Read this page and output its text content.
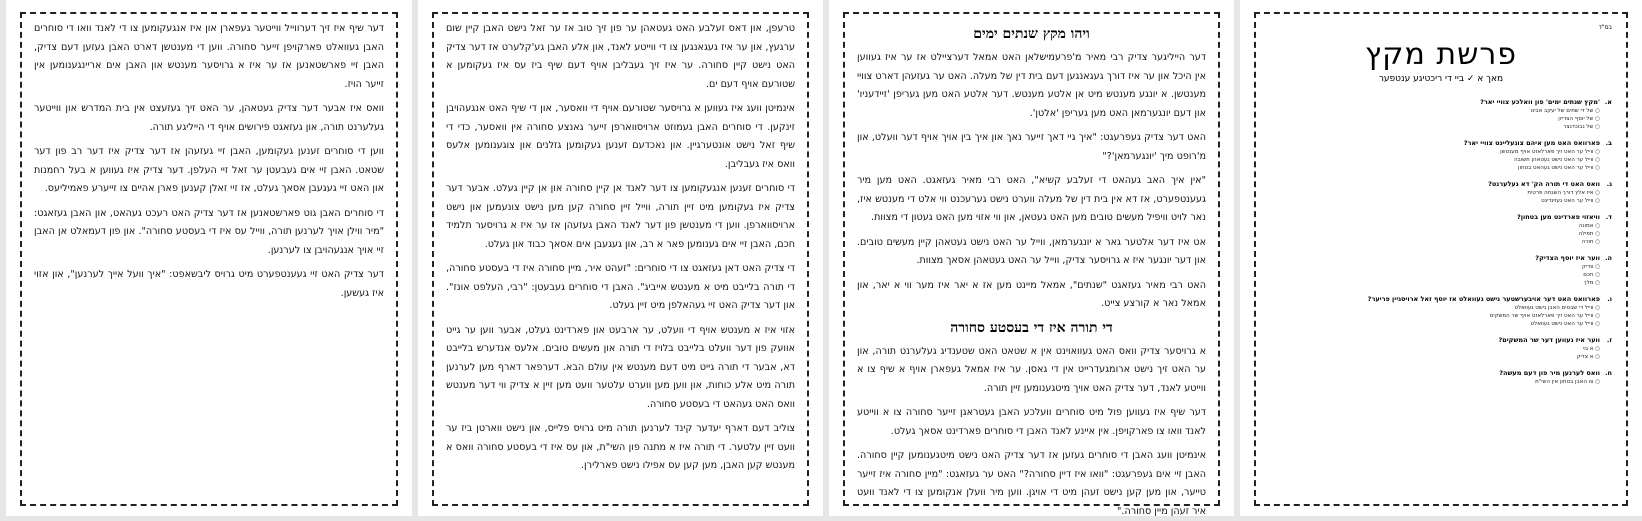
בס"ד
פרשת מקץ
מאך א ✓ ביי די ריכטיגע ענטפער
א.'מקץ שנתים ימים' פון וואלכע צוויי יאר?
○ של די שתים של יעקב אבינו
○ של יוסף הצדיק
○ של נבוכדנצר
ב.פארוואס האט מען איהם צוגעלייגט צוויי יאר?
○ ווייל ער האט זיך פארלאזט אויף מענטשן
○ ווייל ער האט נישט געטאהן תשובה
○ ווייל ער האט נישט געהאט בטחון
ג.וואס האט די תורה הק' דא געלערנט?
○ איז אלץ דורך השגחה פרטית
○ ווייל ער האט געזינדיגט
ד.וויאזוי פארדינט מען בטחון?
○ אמונה
○ תפילה
○ תורה
ה.ווער איז יוסף הצדיק?
○ צדיק
○ חכם
○ מלך
ו.פארוואס האט דער אויבערשטער נישט געוואלט אז יוסף זאל ארויסגיין פריער?
○ ווייל די שבטים האבן נישט געוואלט
○ ווייל ער האט זיך פארלאזט אויף שר המשקים
○ ווייל ער האט נישט געוואלט
ז.ווער איז געווען דער שר המשקים?
○ א גוי
○ א צדיק
ח.וואס לערנען מיר פון דעם מעשה?
○ צו האבן בטחון אין השי"ת
ויהו מקץ שנתים ימים

דער הייליגער צדיק רבי מאיר מ'פרעמישלאן האט אמאל דערציילט אז ער איז געווען אין היכל און ער איז דורך געגאנגען דעם בית דין של מעלה. האט ער געזעהן דארט צוויי מענטשן. א יונגע מענטש מיט אן אלטע מענטש. דער אלטע האט מען געריפן 'זיידעניו' און דעם יונגערמאן האט מען געריפן 'אלטן'.

האט דער צדיק געפרעגט: "איך גיי דאך זייער נאך און איך בין אויך אויף דער וועלט, און מ'רופט מיך 'יונגערמאן'?"

"אין איך האב געהאט די זעלבע קשיא", האט רבי מאיר געזאגט. האט מען מיר געענטפערט, אז דא אין בית דין של מעלה ווערט נישט גערעכנט ווי אלט די מענטש איז, נאר לויט וויפיל מעשים טובים מען האט געטאן, און ווי אזוי מען האט געטון די מצוות.

אט איז דער אלטער גאר א יונגערמאן, ווייל ער האט נישט געטאהן קיין מעשים טובים. און דער יונגער איז א גרויסער צדיק, ווייל ער האט געטאהן אסאך מצוות.

האט רבי מאיר געזאגט "שנתים", אמאל מיינט מען אז א יאר איז מער ווי א יאר, און אמאל נאר א קורצע צייט.

די תורה איז די בעסטע סחורה

א גרויסער צדיק וואס האט געוואוינט אין א שטאט האט שטענדיג געלערנט תורה, און ער האט זיך נישט ארומגעדרייט אין די גאסן. ער איז אמאל געפארן אויף א שיף צו א ווייטע לאנד, דער צדיק האט אויך מיטגענומען זיין תורה.

דער שיף איז געווען פול מיט סוחרים וועלכע האבן געטראגן זייער סחורה צו א ווייטע לאנד וואו צו פארקויפן. אין איינע לאנד האבן די סוחרים פארדינט אסאך געלט.

אינמיטן וועג האבן די סוחרים געזען אז דער צדיק האט נישט מיטגענומען קיין סחורה. האבן זיי אים געפרעגט: "וואו איז דיין סחורה?" האט ער געזאגט: "מיין סחורה איז זייער טייער, און מען קען נישט זעהן מיט די אויגן. ווען מיר וועלן אנקומען צו די לאנד וועט איר זעהן מיין סחורה."

טרעפן, און דאס זעלבע האט געטאהן ער פון זיך טוב אז ער זאל נישט האבן קיין שום ערגעץ, און ער איז געגאנגען צו די ווייטע לאנד, און אלע האבן גע'קלערט אז דער צדיק האט נישט קיין סחורה. ער איז זיך געבליבן אויף דעם שיף ביז עס איז געקומען א שטורעם אויף דעם ים.

אינמיטן וועג איז געווען א גרויסער שטורעם אויף די וואסער, און די שיף האט אנגעהויבן זינקען. די סוחרים האבן געמוזט ארויסווארפן זייער גאנצע סחורה אין וואסער, כדי די שיף זאל נישט אונטערגיין. און נאכדעם זענען געקומען גזלנים און צוגענומען אלעס וואס איז געבליבן.

די סוחרים זענען אנגעקומען צו דער לאנד אן קיין סחורה און אן קיין געלט. אבער דער צדיק איז געקומען מיט זיין תורה, ווייל זיין סחורה קען מען נישט צונעמען און נישט ארויסווארפן. ווען די מענטשן פון דער לאנד האבן געזעהן אז ער איז א גרויסער תלמיד חכם, האבן זיי אים גענומען פאר א רב, און געגעבן אים אסאך כבוד און געלט.

די צדיק האט דאן געזאגט צו די סוחרים: "זעהט איר, מיין סחורה איז די בעסטע סחורה, די תורה בלייבט מיט א מענטש אייביג". האבן די סוחרים געבעטן: "רבי, העלפט אונז". און דער צדיק האט זיי געהאלפן מיט זיין געלט.

אזוי איז א מענטש אויף די וועלט, ער ארבעט און פארדינט געלט, אבער ווען ער גייט אוועק פון דער וועלט בלייבט בלויז די תורה און מעשים טובים. אלעס אנדערש בלייבט דא, אבער די תורה גייט מיט דעם מענטש אין עולם הבא. דערפאר דארף מען לערנען תורה מיט אלע כוחות, און ווען מען ווערט עלטער וועט מען זיין א צדיק ווי דער מענטש וואס האט געהאט די בעסטע סחורה.

צוליב דעם דארף יעדער קינד לערנען תורה מיט גרויס פלייס, און נישט ווארטן ביז ער וועט זיין עלטער. די תורה איז א מתנה פון השי"ת, און עס איז די בעסטע סחורה וואס א מענטש קען האבן, מען קען עס אפילו נישט פארלירן.

דער שיף איז זיך דערווייל ווייטער געפארן און איז אנגעקומען צו די לאנד וואו די סוחרים האבן געוואלט פארקויפן זייער סחורה. ווען די מענטשן דארט האבן געזען דעם צדיק, האבן זיי פארשטאנען אז ער איז א גרויסער מענטש און האבן אים אריינגענומען אין זייער הויז.

וואס איז אבער דער צדיק געטאהן, ער האט זיך געזעצט אין בית המדרש און ווייטער געלערנט תורה, און געזאגט פירושים אויף די הייליגע תורה.

ווען די סוחרים זענען געקומען, האבן זיי געזעהן אז דער צדיק איז דער רב פון דער שטאט. האבן זיי אים געבעטן ער זאל זיי העלפן. דער צדיק איז געווען א בעל רחמנות און האט זיי געגעבן אסאך געלט, אז זיי זאלן קענען פארן אהיים צו זייערע פאמיליעס.

די סוחרים האבן גוט פארשטאנען אז דער צדיק האט רעכט געהאט, און האבן געזאגט: "מיר ווילן אויך לערנען תורה, ווייל עס איז די בעסטע סחורה". און פון דעמאלט אן האבן זיי אויך אנגעהויבן צו לערנען.

דער צדיק האט זיי געענטפערט מיט גרויס ליבשאפט: "איך וועל אייך לערנען", און אזוי איז געשען.
